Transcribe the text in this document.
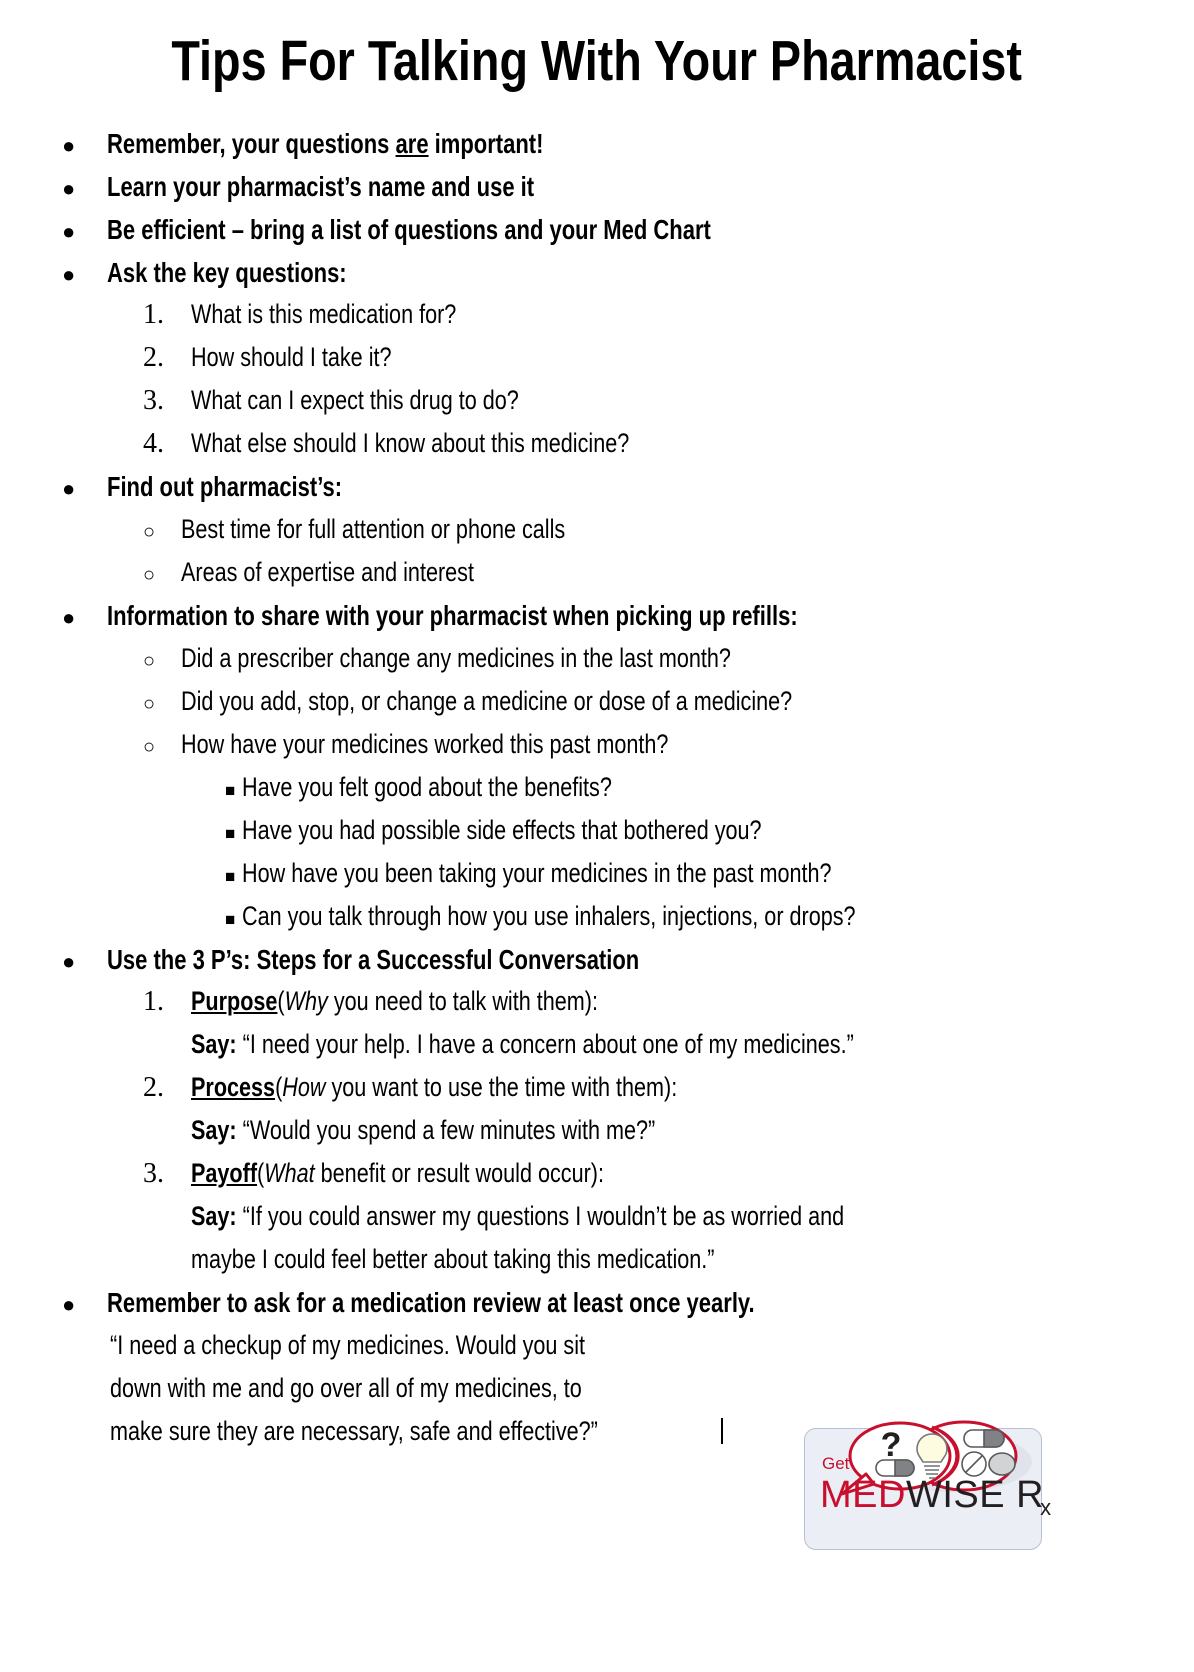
Tips For Talking With Your Pharmacist
●	Remember, your questions are important!
●	Learn your pharmacist’s name and use it
●	Be efficient – bring a list of questions and your Med Chart
●	Ask the key questions:
1.	What is this medication for?
2.	How should I take it?
3.	What can I expect this drug to do?
4.	What else should I know about this medicine?
●	Find out pharmacist’s:
○ Best time for full attention or phone calls
○ Areas of expertise and interest
●	Information to share with your pharmacist when picking up refills:
○ Did a prescriber change any medicines in the last month?
○ Did you add, stop, or change a medicine or dose of a medicine?
○ How have your medicines worked this past month?
■ Have you felt good about the benefits?
■ Have you had possible side effects that bothered you?
■ How have you been taking your medicines in the past month?
■ Can you talk through how you use inhalers, injections, or drops?
●	Use the 3 P’s: Steps for a Successful Conversation
1.	Purpose(Why you need to talk with them):
Say: “I need your help. I have a concern about one of my medicines.”
2.	Process(How you want to use the time with them):
Say: “Would you spend a few minutes with me?”
3.	Payoff(What benefit or result would occur):
Say: “If you could answer my questions I wouldn’t be as worried and
maybe I could feel better about taking this medication.”
●	Remember to ask for a medication review at least once yearly.
“I need a checkup of my medicines. Would you sit
down with me and go over all of my medicines, to
make sure they are necessary, safe and effective?”	?
Get
MEDWISE $R_x$
